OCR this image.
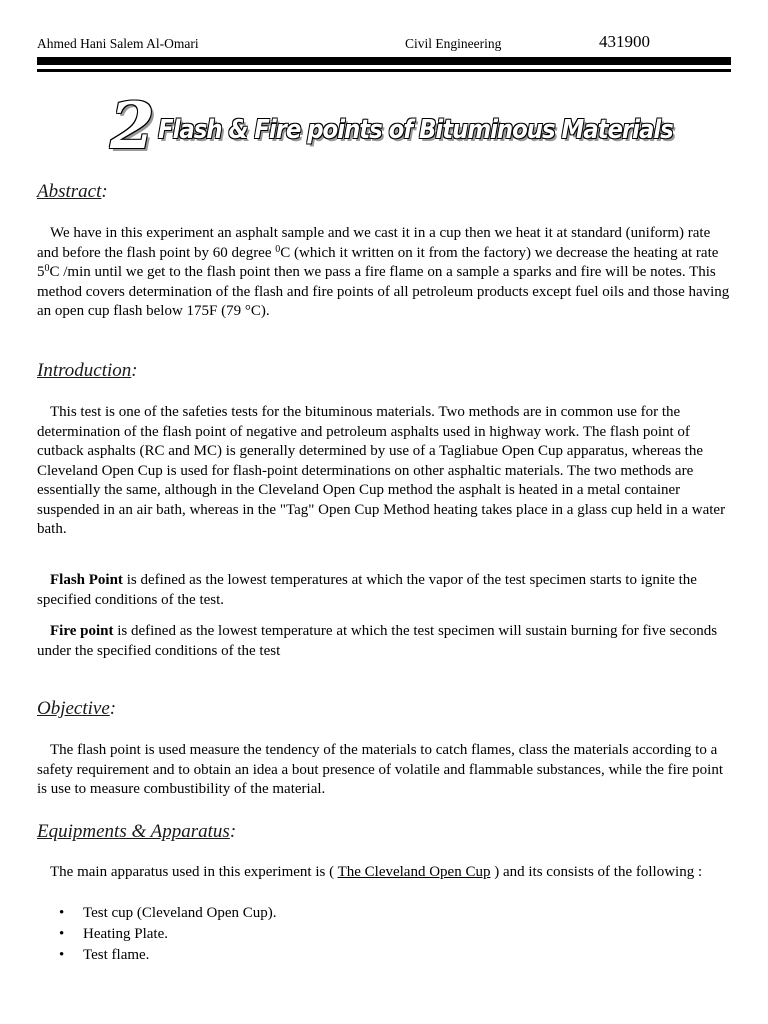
Ahmed Hani Salem Al-Omari	Civil Engineering	431900
2 Flash & Fire points of Bituminous Materials
Abstract:
We have in this experiment an asphalt sample and we cast it in a cup then we heat it at standard (uniform) rate and before the flash point by 60 degree $^0$C (which it written on it from the factory) we decrease the heating at rate $5^0C$ /min until we get to the flash point then we pass a fire flame on a sample a sparks and fire will be notes. This method covers determination of the flash and fire points of all petroleum products except fuel oils and those having an open cup flash below 175F (79 °C).
Introduction:
This test is one of the safeties tests for the bituminous materials. Two methods are in common use for the determination of the flash point of negative and petroleum asphalts used in highway work. The flash point of cutback asphalts (RC and MC) is generally determined by use of a Tagliabue Open Cup apparatus, whereas the Cleveland Open Cup is used for flash-point determinations on other asphaltic materials. The two methods are essentially the same, although in the Cleveland Open Cup method the asphalt is heated in a metal container suspended in an air bath, whereas in the "Tag" Open Cup Method heating takes place in a glass cup held in a water bath.
Flash Point is defined as the lowest temperatures at which the vapor of the test specimen starts to ignite the specified conditions of the test.
Fire point is defined as the lowest temperature at which the test specimen will sustain burning for five seconds under the specified conditions of the test
Objective:
The flash point is used measure the tendency of the materials to catch flames, class the materials according to a safety requirement and to obtain an idea a bout presence of volatile and flammable substances, while the fire point is use to measure combustibility of the material.
Equipments & Apparatus:
The main apparatus used in this experiment is ( The Cleveland Open Cup ) and its consists of the following :
• Test cup (Cleveland Open Cup).
• Heating Plate.
• Test flame.
